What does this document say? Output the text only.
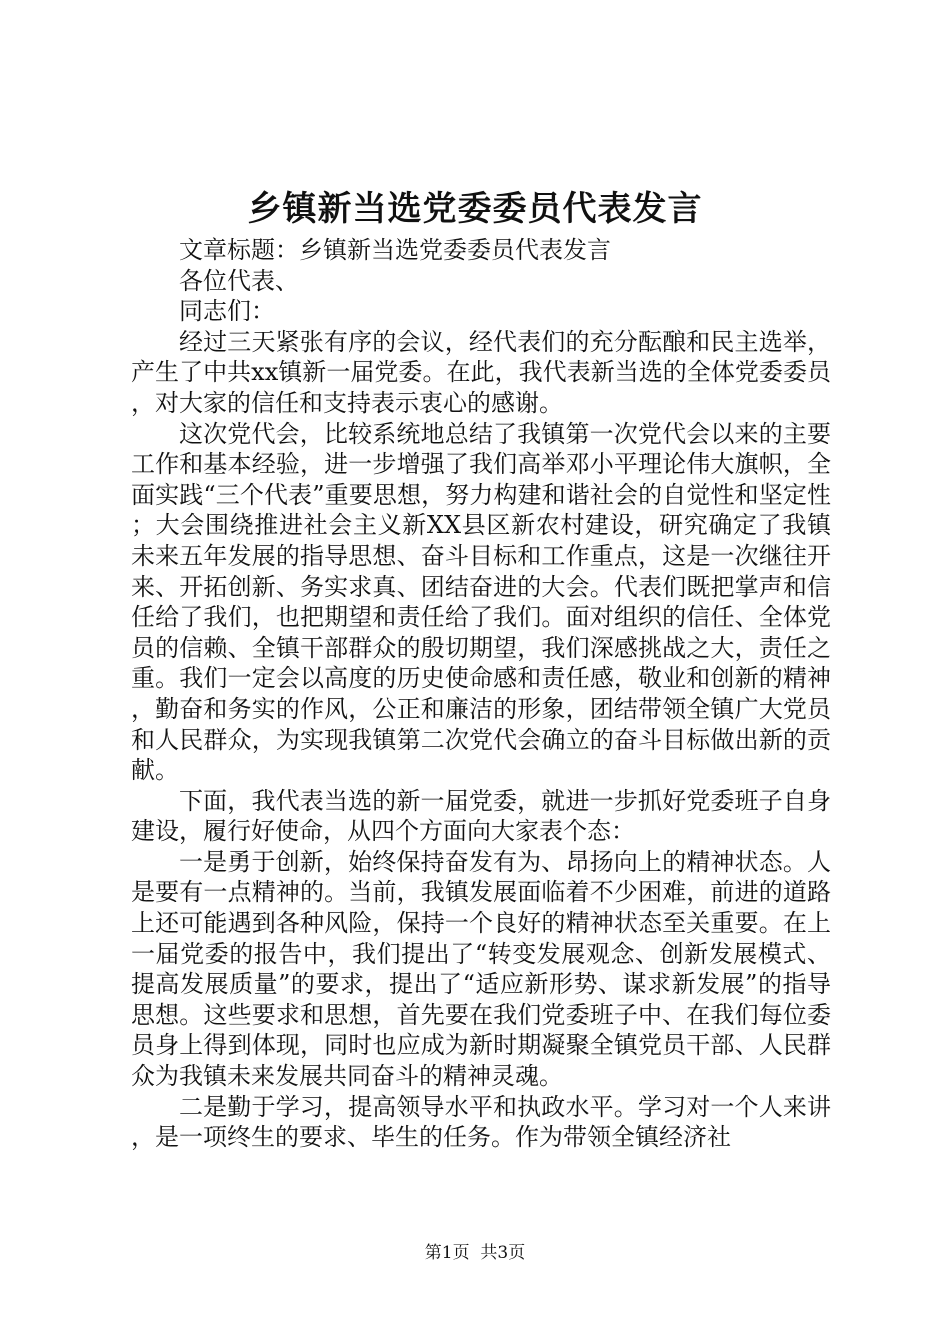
乡镇新当选党委委员代表发言

文章标题：乡镇新当选党委委员代表发言

各位代表、

同志们：

经过三天紧张有序的会议，经代表们的充分酝酿和民主选举，产生了中共xx镇新一届党委。在此，我代表新当选的全体党委委员，对大家的信任和支持表示衷心的感谢。

这次党代会，比较系统地总结了我镇第一次党代会以来的主要工作和基本经验，进一步增强了我们高举邓小平理论伟大旗帜，全面实践“三个代表”重要思想，努力构建和谐社会的自觉性和坚定性；大会围绕推进社会主义新XX县区新农村建设，研究确定了我镇未来五年发展的指导思想、奋斗目标和工作重点，这是一次继往开来、开拓创新、务实求真、团结奋进的大会。代表们既把掌声和信任给了我们，也把期望和责任给了我们。面对组织的信任、全体党员的信赖、全镇干部群众的殷切期望，我们深感挑战之大，责任之重。我们一定会以高度的历史使命感和责任感，敬业和创新的精神，勤奋和务实的作风，公正和廉洁的形象，团结带领全镇广大党员和人民群众，为实现我镇第二次党代会确立的奋斗目标做出新的贡献。

下面，我代表当选的新一届党委，就进一步抓好党委班子自身建设，履行好使命，从四个方面向大家表个态：

一是勇于创新，始终保持奋发有为、昂扬向上的精神状态。人是要有一点精神的。当前，我镇发展面临着不少困难，前进的道路上还可能遇到各种风险，保持一个良好的精神状态至关重要。在上一届党委的报告中，我们提出了“转变发展观念、创新发展模式、提高发展质量”的要求，提出了“适应新形势、谋求新发展”的指导思想。这些要求和思想，首先要在我们党委班子中、在我们每位委员身上得到体现，同时也应成为新时期凝聚全镇党员干部、人民群众为我镇未来发展共同奋斗的精神灵魂。

二是勤于学习，提高领导水平和执政水平。学习对一个人来讲，是一项终生的要求、毕生的任务。作为带领全镇经济社

第1页  共3页
